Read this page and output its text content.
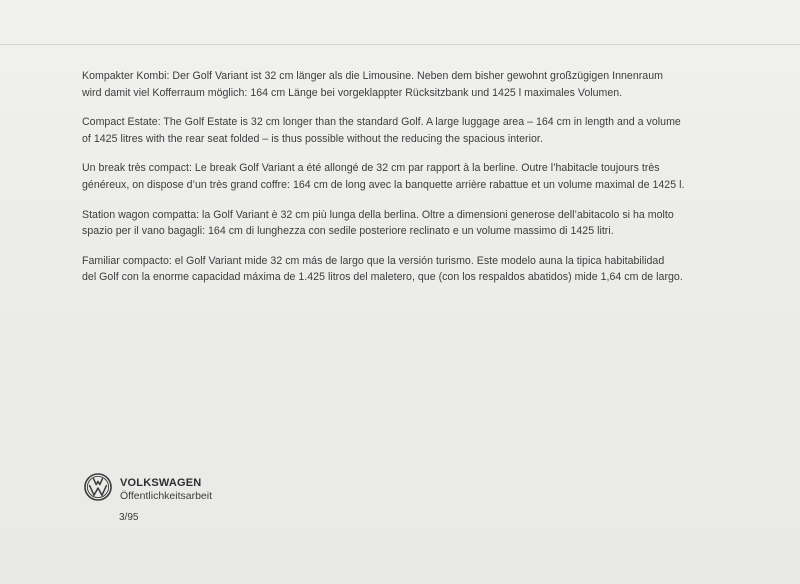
Kompakter Kombi: Der Golf Variant ist 32 cm länger als die Limousine. Neben dem bisher gewohnt großzügigen Innenraum
wird damit viel Kofferraum möglich: 164 cm Länge bei vorgeklappter Rücksitzbank und 1425 l maximales Volumen.

Compact Estate: The Golf Estate is 32 cm longer than the standard Golf. A large luggage area – 164 cm in length and a volume
of 1425 litres with the rear seat folded – is thus possible without the reducing the spacious interior.

Un break très compact: Le break Golf Variant a été allongé de 32 cm par rapport à la berline. Outre l’habitacle toujours très
généreux, on dispose d’un très grand coffre: 164 cm de long avec la banquette arrière rabattue et un volume maximal de 1425 l.

Station wagon compatta: la Golf Variant è 32 cm più lunga della berlina. Oltre a dimensioni generose dell’abitacolo si ha molto
spazio per il vano bagagli: 164 cm di lunghezza con sedile posteriore reclinato e un volume massimo di 1425 litri.

Familiar compacto: el Golf Variant mide 32 cm más de largo que la versión turismo. Este modelo auna la tipica habitabilidad
del Golf con la enorme capacidad máxima de 1.425 litros del maletero, que (con los respaldos abatidos) mide 1,64 cm de largo.

VOLKSWAGEN
Öffentlichkeitsarbeit
3/95
